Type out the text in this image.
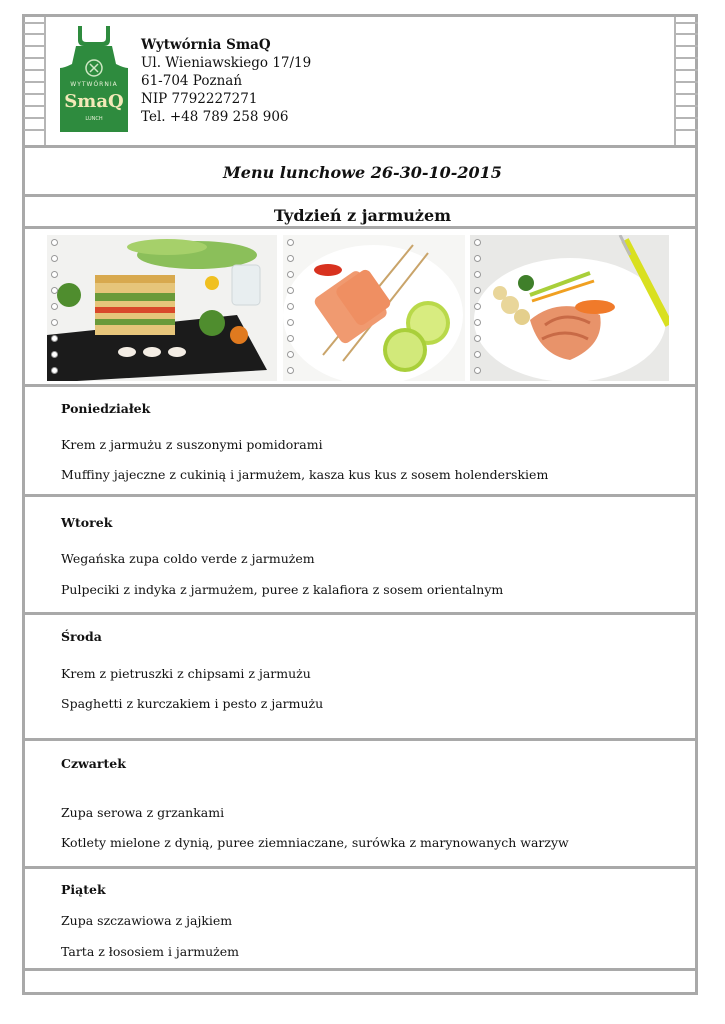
WYTWÓRNIA
SmaQ
LUNCH
Wytwórnia SmaQ
Ul. Wieniawskiego 17/19
61-704 Poznań
NIP 7792227271
Tel. +48 789 258 906
Menu lunchowe 26-30-10-2015
Tydzień z jarmużem
Poniedziałek
Krem z jarmużu z suszonymi pomidorami
Muffiny jajeczne z cukinią i jarmużem, kasza kus kus z sosem holenderskiem
Wtorek
Wegańska zupa coldo verde z jarmużem
Pulpeciki z indyka z jarmużem, puree z kalafiora z sosem orientalnym
Środa
Krem z pietruszki z chipsami z jarmużu
Spaghetti z kurczakiem i pesto z jarmużu
Czwartek
Zupa serowa z grzankami
Kotlety mielone z dynią, puree ziemniaczane, surówka z marynowanych warzyw
Piątek
Zupa szczawiowa z jajkiem
Tarta z łososiem i jarmużem
